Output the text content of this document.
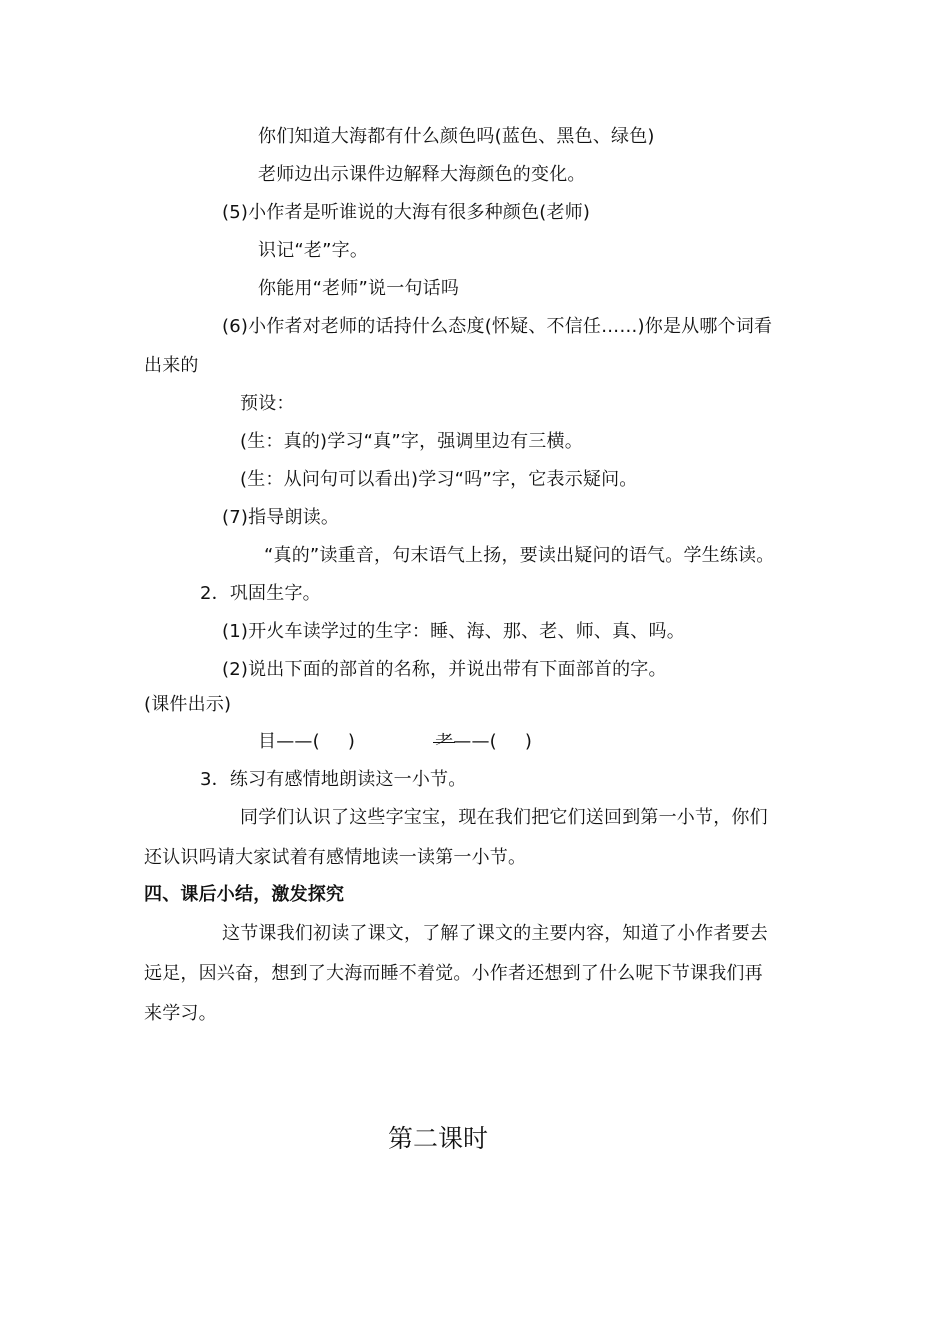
你们知道大海都有什么颜色吗(蓝色、黑色、绿色)
老师边出示课件边解释大海颜色的变化。
(5)小作者是听谁说的大海有很多种颜色(老师)
识记“老”字。
你能用“老师”说一句话吗
(6)小作者对老师的话持什么态度(怀疑、不信任……)你是从哪个词看
出来的
预设：
(生：真的)学习“真”字，强调里边有三横。
(生：从问句可以看出)学习“吗”字，它表示疑问。
(7)指导朗读。
“真的”读重音，句末语气上扬，要读出疑问的语气。学生练读。
2．巩固生字。
(1)开火车读学过的生字：睡、海、那、老、师、真、吗。
(2)说出下面的部首的名称，并说出带有下面部首的字。
(课件出示)
目——( )	耂——( )
3．练习有感情地朗读这一小节。
同学们认识了这些字宝宝，现在我们把它们送回到第一小节，你们
还认识吗请大家试着有感情地读一读第一小节。
四、课后小结，激发探究
这节课我们初读了课文，了解了课文的主要内容，知道了小作者要去
远足，因兴奋，想到了大海而睡不着觉。小作者还想到了什么呢下节课我们再
来学习。
第二课时
